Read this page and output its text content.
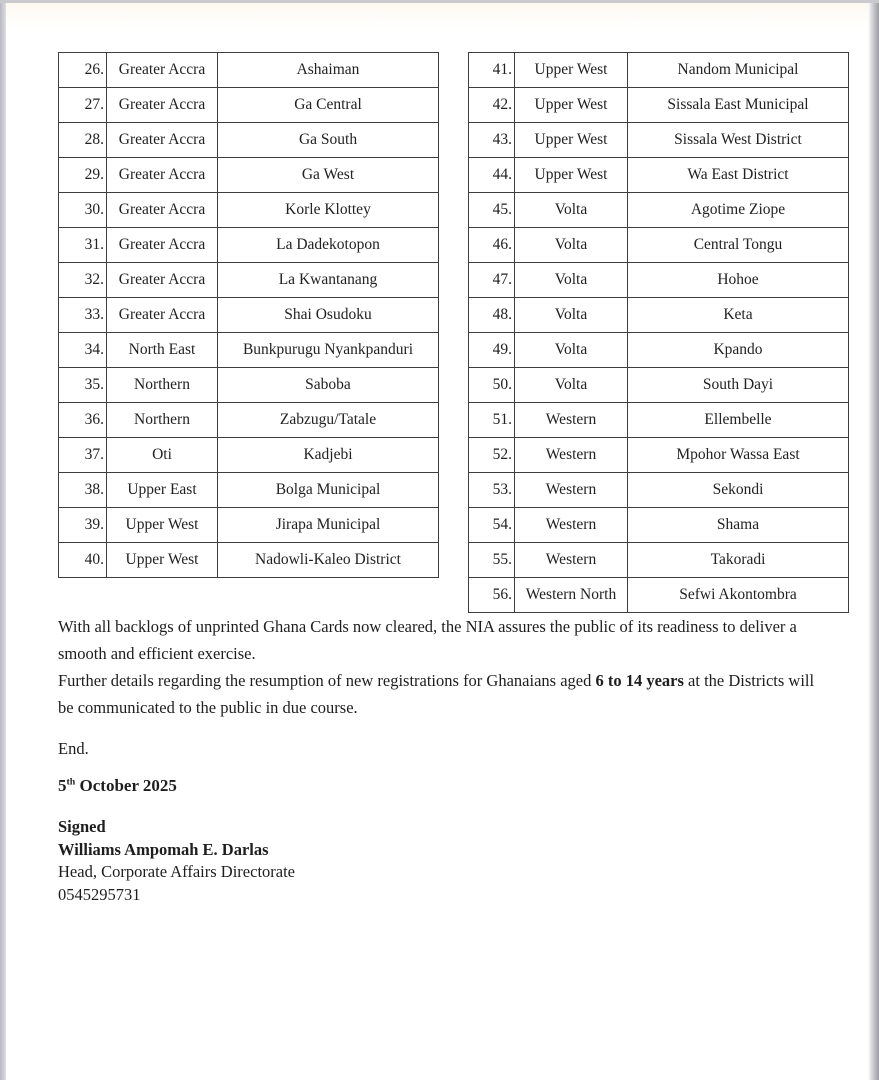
26.	Greater Accra	Ashaiman
27.	Greater Accra	Ga Central
28.	Greater Accra	Ga South
29.	Greater Accra	Ga West
30.	Greater Accra	Korle Klottey
31.	Greater Accra	La Dadekotopon
32.	Greater Accra	La Kwantanang
33.	Greater Accra	Shai Osudoku
34.	North East	Bunkpurugu Nyankpanduri
35.	Northern	Saboba
36.	Northern	Zabzugu/Tatale
37.	Oti	Kadjebi
38.	Upper East	Bolga Municipal
39.	Upper West	Jirapa Municipal
40.	Upper West	Nadowli-Kaleo District
41.	Upper West	Nandom Municipal
42.	Upper West	Sissala East Municipal
43.	Upper West	Sissala West District
44.	Upper West	Wa East District
45.	Volta	Agotime Ziope
46.	Volta	Central Tongu
47.	Volta	Hohoe
48.	Volta	Keta
49.	Volta	Kpando
50.	Volta	South Dayi
51.	Western	Ellembelle
52.	Western	Mpohor Wassa East
53.	Western	Sekondi
54.	Western	Shama
55.	Western	Takoradi
56.	Western North	Sefwi Akontombra

With all backlogs of unprinted Ghana Cards now cleared, the NIA assures the public of its readiness to deliver a smooth and efficient exercise.

Further details regarding the resumption of new registrations for Ghanaians aged 6 to 14 years at the Districts will be communicated to the public in due course.

End.
5th October 2025
Signed
Williams Ampomah E. Darlas
Head, Corporate Affairs Directorate
0545295731
